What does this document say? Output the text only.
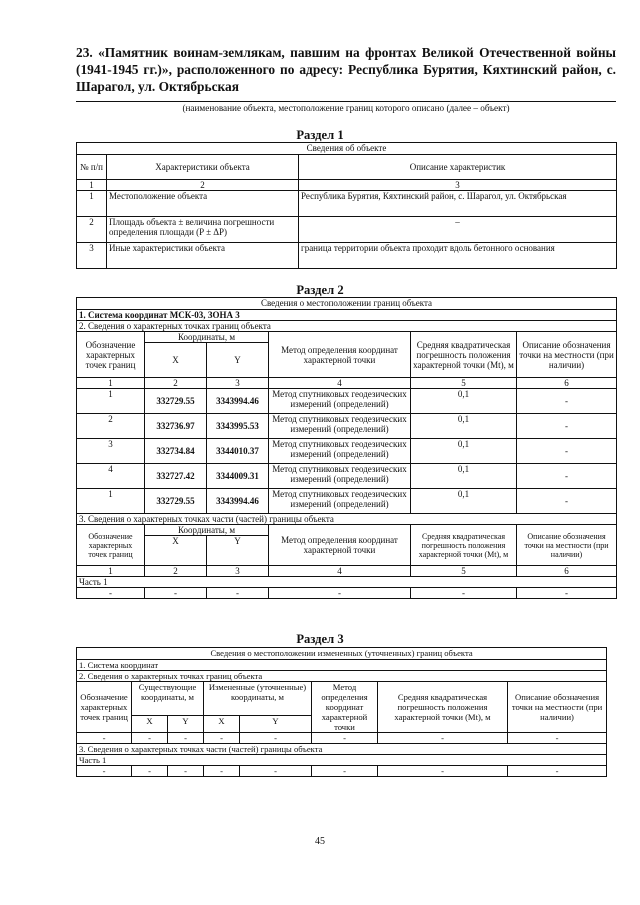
23. «Памятник воинам-землякам, павшим на фронтах Великой Отечественной войны (1941-1945 гг.)», расположенного по адресу: Республика Бурятия, Кяхтинский район, с. Шарагол, ул. Октябрьская
(наименование объекта, местоположение границ которого описано (далее – объект)
Раздел 1
Сведения об объекте		
№ п/п	Характеристики объекта	Описание характеристик
1	2	3
1	Местоположение объекта	Республика Бурятия, Кяхтинский район, с. Шарагол, ул. Октябрьская
2	Площадь объекта ± величина погрешности определения площади (P ± ΔP)	–
3	Иные характеристики объекта	граница территории объекта проходит вдоль бетонного основания
Раздел 2
Сведения о местоположении границ объекта					
1. Система координат МСК-03, ЗОНА 3					
2. Сведения о характерных точках границ объекта					
Обозначение характерных точек границ	Координаты, м		Метод определения координат характерной точки	Средняя квадратическая погрешность положения характерной точки (Mt), м	Описание обозначения точки на местности (при наличии)
	X	Y			
1	2	3	4	5	6
1	332729.55	3343994.46	Метод спутниковых геодезических измерений (определений)	0,1	-
2	332736.97	3343995.53	Метод спутниковых геодезических измерений (определений)	0,1	-
3	332734.84	3344010.37	Метод спутниковых геодезических измерений (определений)	0,1	-
4	332727.42	3344009.31	Метод спутниковых геодезических измерений (определений)	0,1	-
1	332729.55	3343994.46	Метод спутниковых геодезических измерений (определений)	0,1	-
3. Сведения о характерных точках части (частей) границы объекта					
Обозначение характерных точек границ	Координаты, м		Метод определения координат характерной точки	Средняя квадратическая погрешность положения характерной точки (Mt), м	Описание обозначения точки на местности (при наличии)
	X	Y			
1	2	3	4	5	6
Часть 1					
-	-	-	-	-	-
Раздел 3
Сведения о местоположении измененных (уточненных) границ объекта							
1. Система координат							
2. Сведения о характерных точках границ объекта							
Обозначение характерных точек границ	Существующие координаты, м		Измененные (уточненные) координаты, м		Метод определения координат характерной точки	Средняя квадратическая погрешность положения характерной точки (Mt), м	Описание обозначения точки на местности (при наличии)
	X	Y	X	Y			
-	-	-	-	-	-	-	-
3. Сведения о характерных точках части (частей) границы объекта							
Часть 1							
-	-	-	-	-	-	-	-
45
